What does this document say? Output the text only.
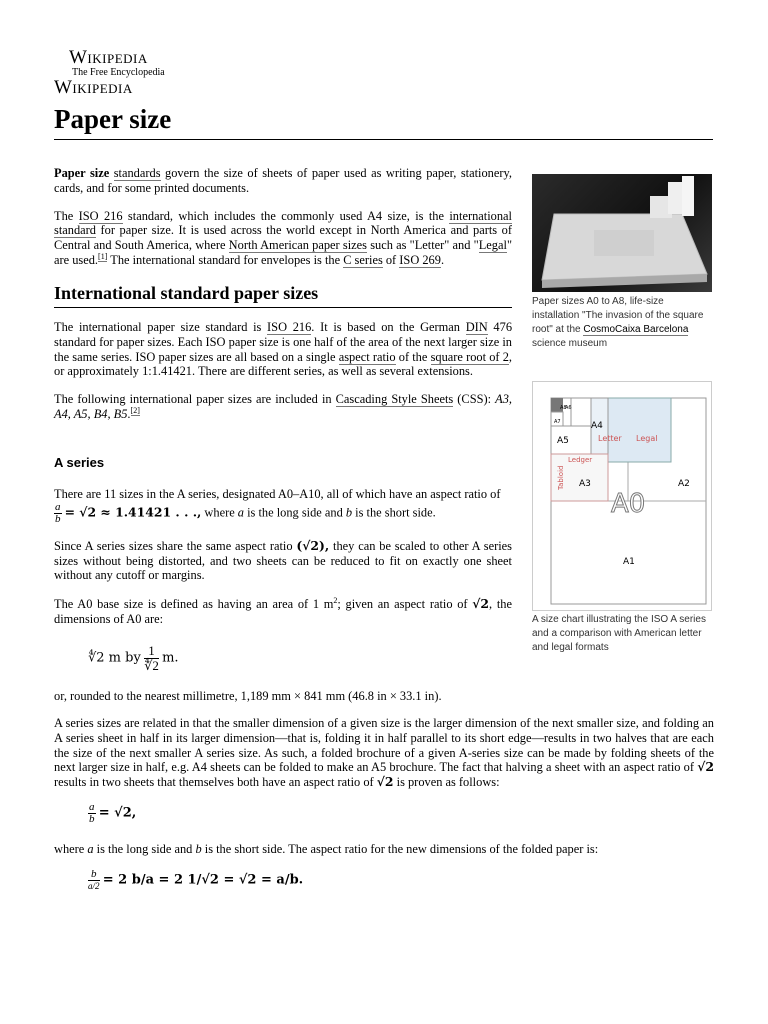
Wikipedia
The Free Encyclopedia
Wikipedia
Paper size

Paper size standards govern the size of sheets of paper used as writing paper, stationery, cards, and for some printed documents.

The ISO 216 standard, which includes the commonly used A4 size, is the international standard for paper size. It is used across the world except in North America and parts of Central and South America, where North American paper sizes such as "Letter" and "Legal" are used.[1] The international standard for envelopes is the C series of ISO 269.

International standard paper sizes

The international paper size standard is ISO 216. It is based on the German DIN 476 standard for paper sizes. Each ISO paper size is one half of the area of the next larger size in the same series. ISO paper sizes are all based on a single aspect ratio of the square root of 2, or approximately 1:1.41421. There are different series, as well as several extensions.

The following international paper sizes are included in Cascading Style Sheets (CSS): A3, A4, A5, B4, B5.[2]

A series

There are 11 sizes in the A series, designated A0–A10, all of which have an aspect ratio of

$\frac{a}{b} = √2 \approx 1.41421$ . . ., where a is the long side and b is the short side.

Since A series sizes share the same aspect ratio (√2), they can be scaled to other A series sizes without being distorted, and two sheets can be reduced to fit on exactly one sheet without any cutoff or margins.

The A0 base size is defined as having an area of 1 $m^2$; given an aspect ratio of √2, the dimensions of A0 are:

∜2 m by $\frac{1}{∜2} m$.

or, rounded to the nearest millimetre, 1,189 mm × 841 mm (46.8 in × 33.1 in).

A series sizes are related in that the smaller dimension of a given size is the larger dimension of the next smaller size, and folding an A series sheet in half in its larger dimension—that is, folding it in half parallel to its short edge—results in two halves that are each the size of the next smaller A series size. As such, a folded brochure of a given A-series size can be made by folding sheets of the next larger size in half, e.g. A4 sheets can be folded to make an A5 brochure. The fact that halving a sheet with an aspect ratio of √2 results in two sheets that themselves both have an aspect ratio of √2 is proven as follows:

$\frac{a}{b} = √2$,

where a is the long side and b is the short side. The aspect ratio for the new dimensions of the folded paper is:

$\frac{b}{a/2} = 2$ b/a = 2 1/√2 = √2 = a/b.
Paper sizes A0 to A8, life-size installation "The invasion of the square root" at the CosmoCaixa Barcelona science museum
A6
A8
A7	A4
A5	Letter Legal
Ledger
Tabloid A3
A0
A2
A1
A size chart illustrating the ISO A series and a comparison with American letter and legal formats
